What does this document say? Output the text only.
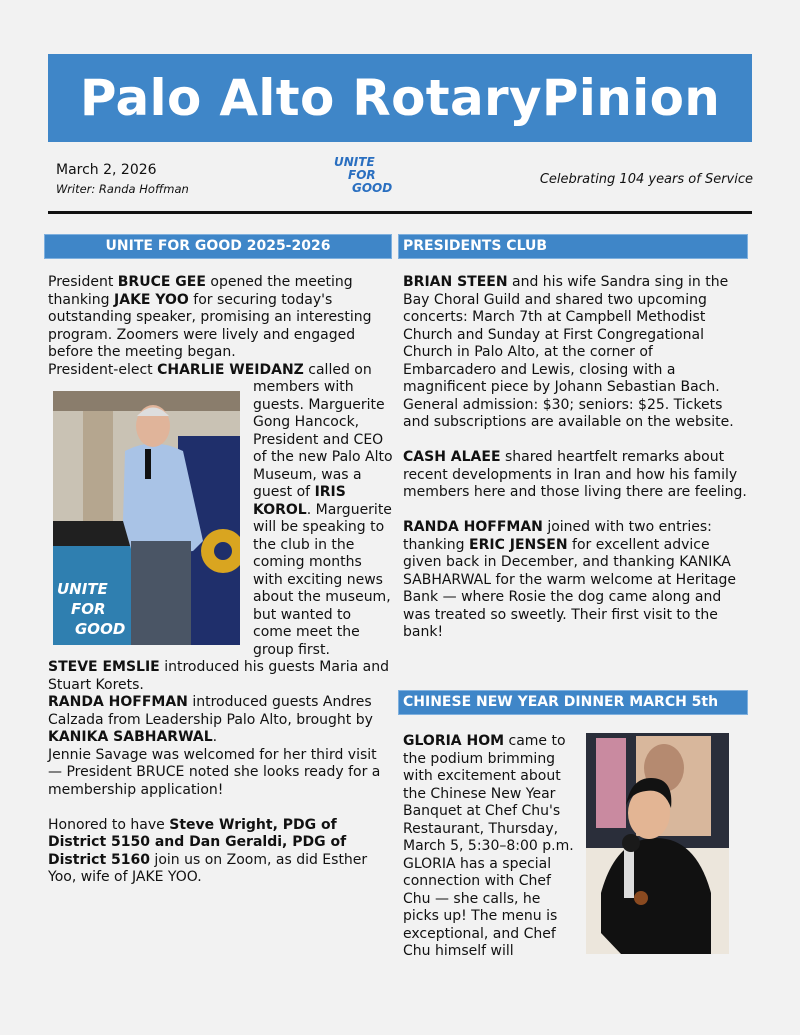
Palo Alto RotaryPinion
March 2, 2026
Writer: Randa Hoffman
UNITE
FOR
GOOD
Celebrating 104 years of Service
UNITE FOR GOOD 2025-2026	PRESIDENTS CLUB
CHINESE NEW YEAR DINNER MARCH 5th
UNITE
FOR
GOOD

President BRUCE GEE opened the meeting thanking JAKE YOO for securing today's outstanding speaker, promising an interesting program. Zoomers were lively and engaged before the meeting began.

President-elect CHARLIE WEIDANZ called on members with guests. Marguerite Gong Hancock, President and CEO of the new Palo Alto Museum, was a guest of IRIS KOROL. Marguerite will be speaking to the club in the coming months with exciting news about the museum, but wanted to come meet the group first.

STEVE EMSLIE introduced his guests Maria and Stuart Korets.

RANDA HOFFMAN introduced guests Andres Calzada from Leadership Palo Alto, brought by KANIKA SABHARWAL.

Jennie Savage was welcomed for her third visit — President BRUCE noted she looks ready for a membership application!

Honored to have Steve Wright, PDG of District 5150 and Dan Geraldi, PDG of District 5160 join us on Zoom, as did Esther Yoo, wife of JAKE YOO.

BRIAN STEEN and his wife Sandra sing in the Bay Choral Guild and shared two upcoming concerts: March 7th at Campbell Methodist Church and Sunday at First Congregational Church in Palo Alto, at the corner of Embarcadero and Lewis, closing with a magnificent piece by Johann Sebastian Bach. General admission: $30; seniors: $25. Tickets and subscriptions are available on the website.

CASH ALAEE shared heartfelt remarks about recent developments in Iran and how his family members here and those living there are feeling.

RANDA HOFFMAN joined with two entries: thanking ERIC JENSEN for excellent advice given back in December, and thanking KANIKA SABHARWAL for the warm welcome at Heritage Bank — where Rosie the dog came along and was treated so sweetly. Their first visit to the bank!

GLORIA HOM came to the podium brimming with excitement about the Chinese New Year Banquet at Chef Chu's Restaurant, Thursday, March 5, 5:30–8:00 p.m. GLORIA has a special connection with Chef Chu — she calls, he picks up! The menu is exceptional, and Chef Chu himself will
